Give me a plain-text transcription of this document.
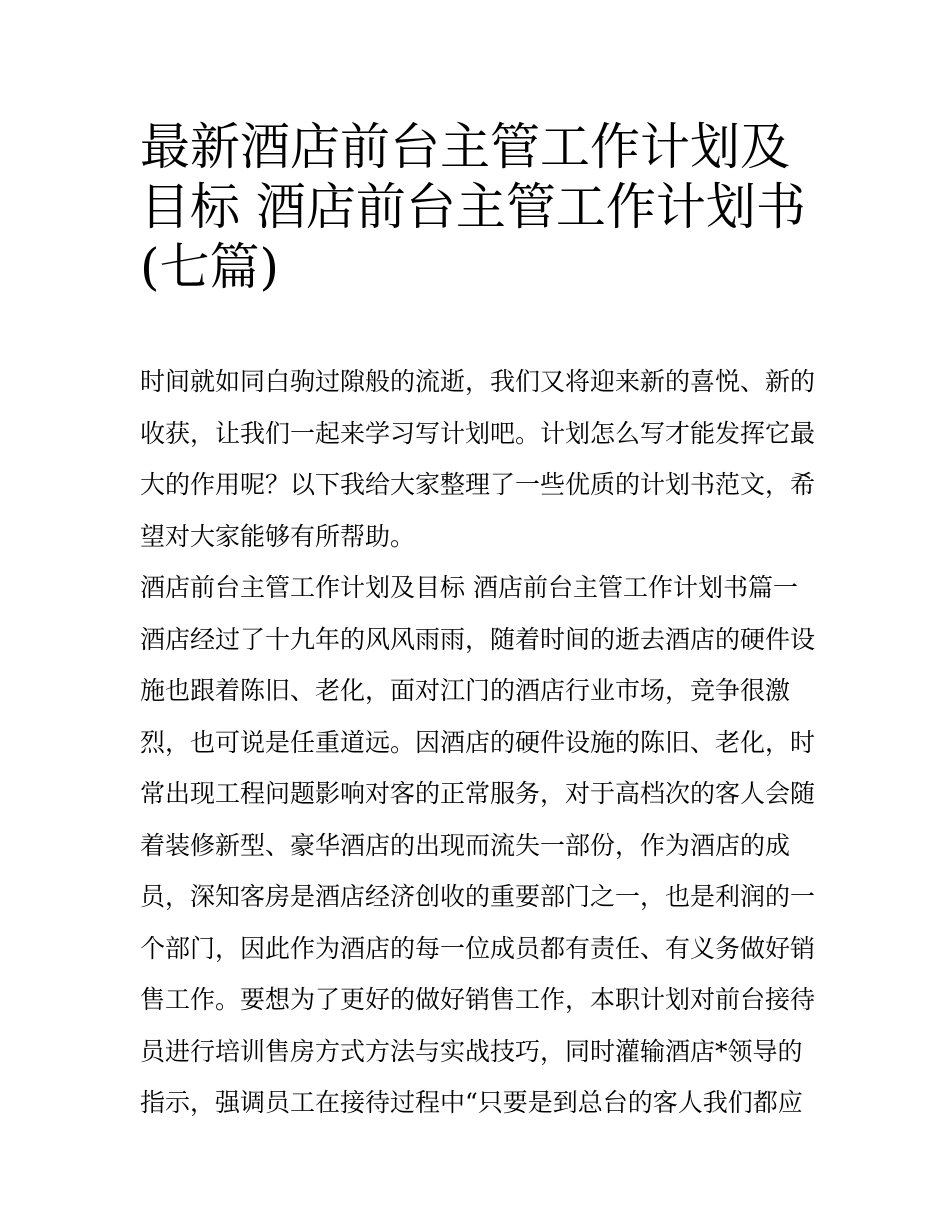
最新酒店前台主管工作计划及
目标 酒店前台主管工作计划书
(七篇)
时间就如同白驹过隙般的流逝，我们又将迎来新的喜悦、新的
收获，让我们一起来学习写计划吧。计划怎么写才能发挥它最
大的作用呢？以下我给大家整理了一些优质的计划书范文，希
望对大家能够有所帮助。
酒店前台主管工作计划及目标 酒店前台主管工作计划书篇一
酒店经过了十九年的风风雨雨，随着时间的逝去酒店的硬件设
施也跟着陈旧、老化，面对江门的酒店行业市场，竞争很激
烈，也可说是任重道远。因酒店的硬件设施的陈旧、老化，时
常出现工程问题影响对客的正常服务，对于高档次的客人会随
着装修新型、豪华酒店的出现而流失一部份，作为酒店的成
员，深知客房是酒店经济创收的重要部门之一，也是利润的一
个部门，因此作为酒店的每一位成员都有责任、有义务做好销
售工作。要想为了更好的做好销售工作，本职计划对前台接待
员进行培训售房方式方法与实战技巧，同时灌输酒店*领导的
指示，强调员工在接待过程中“只要是到总台的客人我们都应
